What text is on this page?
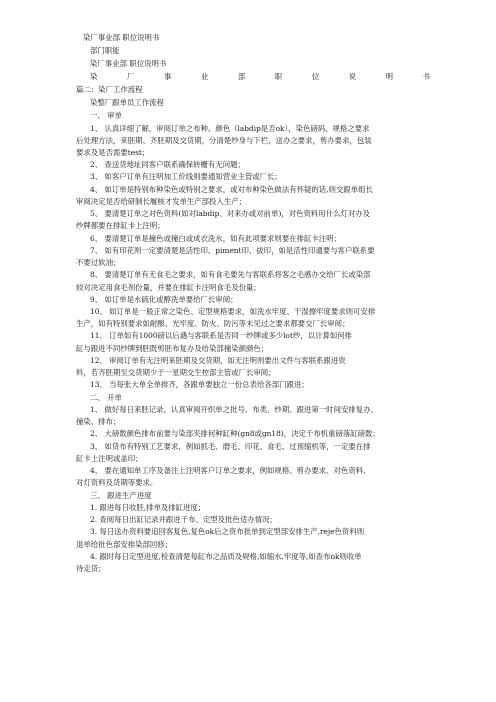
染厂事业部 职位说明书
部门职能
染厂事业部 职位说明书
染	厂	事	业	部	职	位	说	明	书
篇二：染厂工作流程
染整厂跟单员工作流程
一、 审单
1、 认真详细了解，审阅订单之布种、颜色（labdip是否ok），染色磅码、规格之要求
后处理方法，来胚期、齐胚期及交货期，分清楚纱身与下栏，送办之要求，剪办要求，包装
要求及是否需要test；
2、 查送货地址同客户联系确保转栅有无问题；
3、 如客户订单有注明加工价线则要通知营业主管或厂长；
4、 如订单是特别布种染色或特别之要求，或对布种染色做法有怀疑的话,则交跟单组长
审阅决定是否给研制长履核才发单生产部投入生产；
5、 要清楚订单之对色资料(如对labdip、对来办或对前单)，对色资料用什么灯对办及
纱牌都要在排缸卡上注明；
6、 要清楚订单是撞色或撞白或成衣洗水，如有此项要求则要在排缸卡注明；
7、 如有印花则一定要清楚是活性印、piment印、拔印，如是活性印通要与客户联系要
不要过软油；
8、 要清楚订单有无食毛之要求，如有食毛要先与客联系将客之毛感办交给厂长或染部
较对决定用食毛剂份量，并要在排缸卡注明食毛及份量；
9、 如订单是水硫化或醇洗单要给厂长审阅；
10、 如订单是一般正常之染色、定型规格要求，如洗水牢度、干湿擦牢度要求则可安排
生产，如有特别要求如耐酸、光牢度、防火、防污等未见过之要求都要交厂长审阅；
11、 订单如有1000磅以后遇与客联系是否同一纱牌或多少lot纱，以计算如何排
缸与跟进不同纱牌到胚既剪胚布复办及给染部撞染颜颜色；
12、 审阅订单有无注明来胚期及交货期，如无注明则要出文件与客联系跟进资
料，若齐胚期至交货期少于一星期交生控部主管或厂长审阅；
13、 当每张大单全单排齐，各跟单要独立一份总表给各部门跟进；
二、 开单
1、 做好每日来胚记录，认真审阅开织单之批号、布类、纱期、跟进第一时间安排复办、
撞染、排布；
2、 大磅数颜色排布前要与染部夹排何种缸种(gn8或gn18)，决定干布机重磅落缸磅数；
3、 如货布有特别工艺要求，例如抓毛、磨毛、印花、食毛、过预缩机等，一定要在排
缸卡上注明或盖印；
4、 要在通知单工序及备注上注明客户订单之要求，例如规格、剪办要求、对色资料、
对灯资料及货期等要求。
三、 跟进生产进度
1. 跟进每日收胚,排单及排缸进度；
2. 查阅每日出缸记录并跟进干布、定型及批色适办情况；
3. 每日送办资料要追回客复色,复色ok后之资布批单到定型部安排生产,reje色资料则
退单给批色部安排染部回修；
4. 跟时每日定型进度,检查清楚每缸布之品质及规格,如缩水,牢度等,如查布ok则收单
待走货；
